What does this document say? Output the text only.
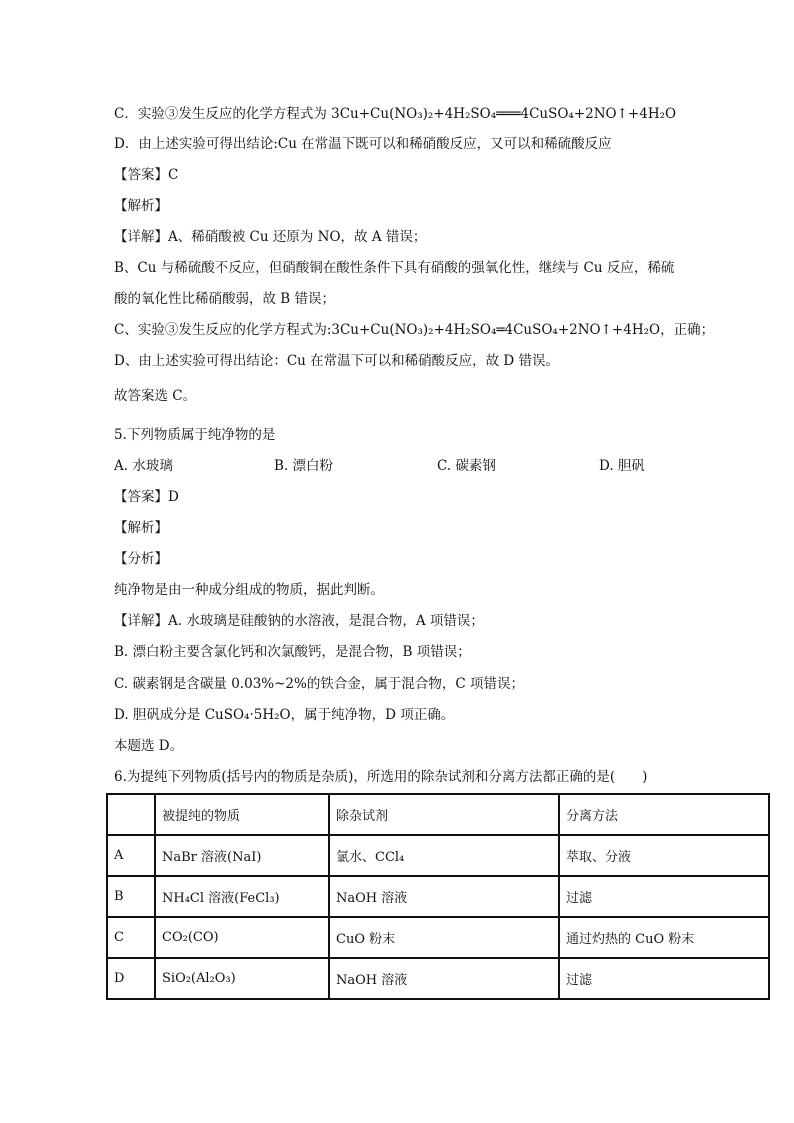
C．实验③发生反应的化学方程式为 3Cu+Cu(NO₃)₂+4H₂SO₄═══4CuSO₄+2NO↑+4H₂O
D．由上述实验可得出结论:Cu 在常温下既可以和稀硝酸反应，又可以和稀硫酸反应
【答案】C
【解析】
【详解】A、稀硝酸被 Cu 还原为 NO，故 A 错误；
B、Cu 与稀硫酸不反应，但硝酸铜在酸性条件下具有硝酸的强氧化性，继续与 Cu 反应，稀硫
酸的氧化性比稀硝酸弱，故 B 错误；
C、实验③发生反应的化学方程式为:3Cu+Cu(NO₃)₂+4H₂SO₄═4CuSO₄+2NO↑+4H₂O，正确；
D、由上述实验可得出结论：Cu 在常温下可以和稀硝酸反应，故 D 错误。
故答案选 C。
5.下列物质属于纯净物的是
A. 水玻璃	B. 漂白粉	C. 碳素钢	D. 胆矾
【答案】D
【解析】
【分析】
纯净物是由一种成分组成的物质，据此判断。
【详解】A. 水玻璃是硅酸钠的水溶液，是混合物，A 项错误；
B. 漂白粉主要含氯化钙和次氯酸钙，是混合物，B 项错误；
C. 碳素钢是含碳量 0.03%~2%的铁合金，属于混合物，C 项错误；
D. 胆矾成分是 CuSO₄·5H₂O，属于纯净物，D 项正确。
本题选 D。
6.为提纯下列物质(括号内的物质是杂质)，所选用的除杂试剂和分离方法都正确的是(　　)
	被提纯的物质	除杂试剂	分离方法
A	NaBr 溶液(NaI)	氯水、CCl₄	萃取、分液
B	NH₄Cl 溶液(FeCl₃)	NaOH 溶液	过滤
C	CO₂(CO)	CuO 粉末	通过灼热的 CuO 粉末
D	SiO₂(Al₂O₃)	NaOH 溶液	过滤
